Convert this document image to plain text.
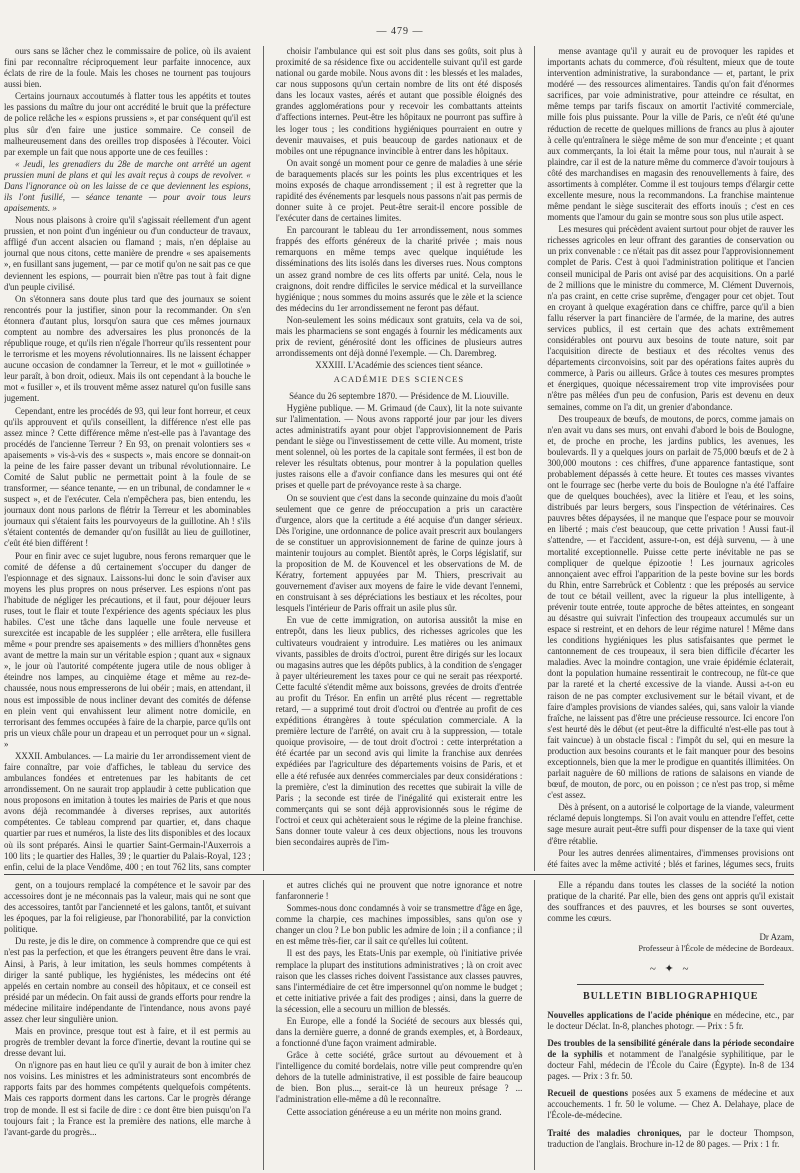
— 479 —

ours sans se lâcher chez le commissaire de police, où ils avaient fini par reconnaître réciproquement leur parfaite innocence, aux éclats de rire de la foule. Mais les choses ne tournent pas toujours aussi bien.

Certains journaux accoutumés à flatter tous les appétits et toutes les passions du maître du jour ont accrédité le bruit que la préfecture de police relâche les « espions prussiens », et par conséquent qu'il est plus sûr d'en faire une justice sommaire. Ce conseil de malheureusement dans des oreilles trop disposées à l'écouter. Voici par exemple un fait que nous apporte une de ces feuilles :

« Jeudi, les grenadiers du 28e de marche ont arrêté un agent prussien muni de plans et qui les avait reçus à coups de revolver. « Dans l'ignorance où on les laisse de ce que deviennent les espions, ils l'ont fusillé, — séance tenante — pour avoir tous leurs apaisements. »

Nous nous plaisons à croire qu'il s'agissait réellement d'un agent prussien, et non point d'un ingénieur ou d'un conducteur de travaux, affligé d'un accent alsacien ou flamand ; mais, n'en déplaise au journal que nous citons, cette manière de prendre « ses apaisements », en fusillant sans jugement, — par ce motif qu'on ne sait pas ce que deviennent les espions, — pourrait bien n'être pas tout à fait digne d'un peuple civilisé.

On s'étonnera sans doute plus tard que des journaux se soient rencontrés pour la justifier, sinon pour la recommander. On s'en étonnera d'autant plus, lorsqu'on saura que ces mêmes journaux comptent au nombre des adversaires les plus prononcés de la république rouge, et qu'ils rien n'égale l'horreur qu'ils ressentent pour le terrorisme et les moyens révolutionnaires. Ils ne laissent échapper aucune occasion de condamner la Terreur, et le mot « guillotinée » leur paraît, à bon droit, odieux. Mais ils ont cependant à la bouche le mot « fusiller », et ils trouvent même assez naturel qu'on fusille sans jugement.

Cependant, entre les procédés de 93, qui leur font horreur, et ceux qu'ils approuvent et qu'ils conseillent, la différence n'est elle pas assez mince ? Cette différence même n'est-elle pas à l'avantage des procédés de l'ancienne Terreur ? En 93, on prenait volontiers ses « apaisements » vis-à-vis des « suspects », mais encore se donnait-on la peine de les faire passer devant un tribunal révolutionnaire. Le Comité de Salut public ne permettait point à la foule de se transformer, — séance tenante, — en un tribunal, de condamner le « suspect », et de l'exécuter. Cela n'empêchera pas, bien entendu, les journaux dont nous parlons de flétrir la Terreur et les abominables journaux qui s'étaient faits les pourvoyeurs de la guillotine. Ah ! s'ils s'étaient contentés de demander qu'on fusillât au lieu de guillotiner, c'eût été bien différent !

Pour en finir avec ce sujet lugubre, nous ferons remarquer que le comité de défense a dû certainement s'occuper du danger de l'espionnage et des signaux. Laissons-lui donc le soin d'aviser aux moyens les plus propres on nous préserver. Les espions n'ont pas l'habitude de négliger les précautions, et il faut, pour déjouer leurs ruses, tout le flair et toute l'expérience des agents spéciaux les plus habiles. C'est une tâche dans laquelle une foule nerveuse et surexcitée est incapable de les suppléer ; elle arrêtera, elle fusillera même « pour prendre ses apaisements » des milliers d'honnêtes gens avant de mettre la main sur un véritable espion ; quant aux « signaux », le jour où l'autorité compétente jugera utile de nous obliger à éteindre nos lampes, au cinquième étage et même au rez-de-chaussée, nous nous empresserons de lui obéir ; mais, en attendant, il nous est impossible de nous incliner devant des comités de défense en plein vent qui envahissent leur aliment notre domicile, en terrorisant des femmes occupées à faire de la charpie, parce qu'ils ont pris un vieux châle pour un drapeau et un perroquet pour un « signal. »

XXXII. Ambulances. — La mairie du 1er arrondissement vient de faire connaître, par voie d'affiches, le tableau du service des ambulances fondées et entretenues par les habitants de cet arrondissement. On ne saurait trop applaudir à cette publication que nous proposons en imitation à toutes les mairies de Paris et que nous avons déjà recommandée à diverses reprises, aux autorités compétentes. Ce tableau comprend par quartier, et, dans chaque quartier par rues et numéros, la liste des lits disponibles et des locaux où ils sont préparés. Ainsi le quartier Saint-Germain-l'Auxerrois a 100 lits ; le quartier des Halles, 39 ; le quartier du Palais-Royal, 123 ; enfin, celui de la place Vendôme, 400 ; en tout 762 lits, sans compter

choisir l'ambulance qui est soit plus dans ses goûts, soit plus à proximité de sa résidence fixe ou accidentelle suivant qu'il est garde national ou garde mobile. Nous avons dit : les blessés et les malades, car nous supposons qu'un certain nombre de lits ont été disposés dans les locaux vastes, aérés et autant que possible éloignés des grandes agglomérations pour y recevoir les combattants atteints d'affections internes. Peut-être les hôpitaux ne pourront pas suffire à les loger tous ; les conditions hygiéniques pourraient en outre y devenir mauvaises, et puis beaucoup de gardes nationaux et de mobiles ont une répugnance invincible à entrer dans les hôpitaux.

On avait songé un moment pour ce genre de maladies à une série de baraquements placés sur les points les plus excentriques et les moins exposés de chaque arrondissement ; il est à regretter que la rapidité des événements par lesquels nous passons n'ait pas permis de donner suite à ce projet. Peut-être serait-il encore possible de l'exécuter dans de certaines limites.

En parcourant le tableau du 1er arrondissement, nous sommes frappés des efforts généreux de la charité privée ; mais nous remarquons en même temps avec quelque inquiétude les disséminations des lits isolés dans les diverses rues. Nous comptons un assez grand nombre de ces lits offerts par unité. Cela, nous le craignons, doit rendre difficiles le service médical et la surveillance hygiénique ; nous sommes du moins assurés que le zèle et la science des médecins du 1er arrondissement ne feront pas défaut.

Non-seulement les soins médicaux sont gratuits, cela va de soi, mais les pharmaciens se sont engagés à fournir les médicaments aux prix de revient, générosité dont les officines de plusieurs autres arrondissements ont déjà donné l'exemple. — Ch. Darembreg.

XXXIII. L'Académie des sciences tient séance.

ACADÉMIE DES SCIENCES

Séance du 26 septembre 1870. — Présidence de M. Liouville.

Hygiène publique. — M. Grimaud (de Caux), lit la note suivante sur l'alimentation. — Nous avons rapporté jour par jour les divers actes administratifs ayant pour objet l'approvisionnement de Paris pendant le siège ou l'investissement de cette ville. Au moment, triste ment solennel, où les portes de la capitale sont fermées, il est bon de relever les résultats obtenus, pour montrer à la population quelles justes raisons elle a d'avoir confiance dans les mesures qui ont été prises et quelle part de prévoyance reste à sa charge.

On se souvient que c'est dans la seconde quinzaine du mois d'août seulement que ce genre de préoccupation a pris un caractère d'urgence, alors que la certitude a été acquise d'un danger sérieux. Dès l'origine, une ordonnance de police avait prescrit aux boulangers de se constituer un approvisionnement de farine de quinze jours à maintenir toujours au complet. Bientôt après, le Corps législatif, sur la proposition de M. de Kouvencel et les observations de M. de Kératry, fortement appuyées par M. Thiers, prescrivait au gouvernement d'aviser aux moyens de faire le vide devant l'ennemi, en construisant à ses dépréciations les bestiaux et les récoltes, pour lesquels l'intérieur de Paris offrait un asile plus sûr.

En vue de cette immigration, on autorisa aussitôt la mise en entrepôt, dans les lieux publics, des richesses agricoles que les cultivateurs voudraient y introduire. Les matières ou les animaux vivants, passibles de droits d'octroi, purent être dirigés sur les locaux ou magasins autres que les dépôts publics, à la condition de s'engager à payer ultérieurement les taxes pour ce qui ne serait pas réexporté. Cette faculté s'étendit même aux boissons, grevées de droits d'entrée au profit du Trésor. En enfin un arrêté plus récent — regrettable retard, — a supprimé tout droit d'octroi ou d'entrée au profit de ces expéditions étrangères à toute spéculation commerciale. A la première lecture de l'arrêté, on avait cru à la suppression, — totale quoique provisoire, — de tout droit d'octroi : cette interprétation a été écartée par un second avis qui limite la franchise aux denrées expédiées par l'agriculture des départements voisins de Paris, et et elle a été refusée aux denrées commerciales par deux considérations : la première, c'est la diminution des recettes que subirait la ville de Paris ; la seconde est tirée de l'inégalité qui existerait entre les commerçants qui se sont déjà approvisionnés sous le régime de l'octroi et ceux qui achèteraient sous le régime de la pleine franchise. Sans donner toute valeur à ces deux objections, nous les trouvons bien secondaires auprès de l'im-

mense avantage qu'il y aurait eu de provoquer les rapides et importants achats du commerce, d'où résultent, mieux que de toute intervention administrative, la surabondance — et, partant, le prix modéré — des ressources alimentaires. Tandis qu'on fait d'énormes sacrifices, par voie administrative, pour atteindre ce résultat, en même temps par tarifs fiscaux on amortit l'activité commerciale, mille fois plus puissante. Pour la ville de Paris, ce n'eût été qu'une réduction de recette de quelques millions de francs au plus à ajouter à celle qu'entraînera le siège même de son mur d'enceinte ; et quant aux commerçants, la loi était la même pour tous, nul n'aurait à se plaindre, car il est de la nature même du commerce d'avoir toujours à côté des marchandises en magasin des renouvellements à faire, des assortiments à compléter. Comme il est toujours temps d'élargir cette excellente mesure, nous la recommandons. La franchise maintenue même pendant le siège susciterait des efforts inouïs ; c'est en ces moments que l'amour du gain se montre sous son plus utile aspect.

Les mesures qui précèdent avaient surtout pour objet de rauver les richesses agricoles en leur offrant des garanties de conservation ou un prix convenable : ce n'était pas dit assez pour l'approvisionnement complet de Paris. C'est à quoi l'administration politique et l'ancien conseil municipal de Paris ont avisé par des acquisitions. On a parlé de 2 millions que le ministre du commerce, M. Clément Duvernois, n'a pas craint, en cette crise suprême, d'engager pour cet objet. Tout en croyant à quelque exagération dans ce chiffre, parce qu'il a bien fallu réserver la part financière de l'armée, de la marine, des autres services publics, il est certain que des achats extrêmement considérables ont pourvu aux besoins de toute nature, soit par l'acquisition directe de bestiaux et des récoltes venus des départements circonvoisins, soit par des opérations faites auprès du commerce, à Paris ou ailleurs. Grâce à toutes ces mesures promptes et énergiques, quoique nécessairement trop vite improvisées pour n'être pas mêlées d'un peu de confusion, Paris est devenu en deux semaines, comme on l'a dit, un grenier d'abondance.

Des troupeaux de bœufs, de moutons, de porcs, comme jamais on n'en avait vu dans ses murs, ont envahi d'abord le bois de Boulogne, et, de proche en proche, les jardins publics, les avenues, les boulevards. Il y a quelques jours on parlait de 75,000 bœufs et de 2 à 300,000 moutons : ces chiffres, d'une apparence fantastique, sont probablement dépassés à cette heure. Et toutes ces masses vivantes ont le fourrage sec (herbe verte du bois de Boulogne n'a été l'affaire que de quelques bouchées), avec la litière et l'eau, et les soins, distribués par leurs bergers, sous l'inspection de vétérinaires. Ces pauvres bêtes dépaysées, il ne manque que l'espace pour se mouvoir en liberté ; mais c'est beaucoup, que cette privation ! Aussi faut-il s'attendre, — et l'accident, assure-t-on, est déjà survenu, — à une mortalité exceptionnelle. Puisse cette perte inévitable ne pas se compliquer de quelque épizootie ! Les journaux agricoles annonçaient avec effroi l'apparition de la peste bovine sur les bords du Rhin, entre Sarrebrück et Coblentz : que les préposés au service de tout ce bétail veillent, avec la rigueur la plus intelligente, à prévenir toute entrée, toute approche de bêtes atteintes, en songeant au désastre qui suivrait l'infection des troupeaux accumulés sur un espace si restreint, et en dehors de leur régime naturel ! Même dans les conditions hygiéniques les plus satisfaisantes que permet le cantonnement de ces troupeaux, il sera bien difficile d'écarter les maladies. Avec la moindre contagion, une vraie épidémie éclaterait, dont la population humaine ressentirait le contrecoup, ne fût-ce que par la rareté et la cherté excessive de la viande. Aussi a-t-on eu raison de ne pas compter exclusivement sur le bétail vivant, et de faire d'amples provisions de viandes salées, qui, sans valoir la viande fraîche, ne laissent pas d'être une précieuse ressource. Ici encore l'on s'est heurté dès le début (et peut-être la difficulté n'est-elle pas tout à fait vaincue) à un obstacle fiscal : l'impôt du sel, qui en mesure la production aux besoins courants et le fait manquer pour des besoins exceptionnels, bien que la mer le prodigue en quantités illimitées. On parlait naguère de 60 millions de rations de salaisons en viande de bœuf, de mouton, de porc, ou en poisson ; ce n'est pas trop, si même c'est assez.

Dès à présent, on a autorisé le colportage de la viande, valeurment réclamé depuis longtemps. Si l'on avait voulu en attendre l'effet, cette sage mesure aurait peut-être suffi pour dispenser de la taxe qui vient d'être rétablie.

Pour les autres denrées alimentaires, d'immenses provisions ont été faites avec la même activité ; blés et farines, légumes secs, fruits

gent, on a toujours remplacé la compétence et le savoir par des accessoires dont je ne méconnais pas la valeur, mais qui ne sont que des accessoires, tantôt par l'ancienneté et les galons, tantôt, et suivant les époques, par la foi religieuse, par l'honorabilité, par la conviction politique.

Du reste, je dis le dire, on commence à comprendre que ce qui est n'est pas la perfection, et que les étrangers peuvent être dans le vrai. Ainsi, à Paris, à leur imitation, les seuls hommes compétents à diriger la santé publique, les hygiénistes, les médecins ont été appelés en certain nombre au conseil des hôpitaux, et ce conseil est présidé par un médecin. On fait aussi de grands efforts pour rendre la médecine militaire indépendante de l'intendance, nous avons payé assez cher leur singulière union.

Mais en province, presque tout est à faire, et il est permis au progrès de trembler devant la force d'inertie, devant la routine qui se dresse devant lui.

On n'ignore pas en haut lieu ce qu'il y aurait de bon à imiter chez nos voisins. Les ministres et les administrateurs sont encombrés de rapports faits par des hommes compétents quelquefois compétents. Mais ces rapports dorment dans les cartons. Car le progrès dérange trop de monde. Il est si facile de dire : ce dont être bien puisqu'on l'a toujours fait ; la France est la première des nations, elle marche à l'avant-garde du progrès...

et autres clichés qui ne prouvent que notre ignorance et notre fanfaronnerie !

Sommes-nous donc condamnés à voir se transmettre d'âge en âge, comme la charpie, ces machines impossibles, sans qu'on ose y changer un clou ? Le bon public les admire de loin ; il a confiance ; il en est même très-fier, car il sait ce qu'elles lui coûtent.

Il est des pays, les Etats-Unis par exemple, où l'initiative privée remplace la plupart des institutions administratives ; là on croit avec raison que les classes riches doivent l'assistance aux classes pauvres, sans l'intermédiaire de cet être impersonnel qu'on nomme le budget ; et cette initiative privée a fait des prodiges ; ainsi, dans la guerre de la sécession, elle a secouru un million de blessés.

En Europe, elle a fondé la Société de secours aux blessés qui, dans la dernière guerre, a donné de grands exemples, et, à Bordeaux, a fonctionné d'une façon vraiment admirable.

Grâce à cette société, grâce surtout au dévouement et à l'intelligence du comité bordelais, notre ville peut comprendre qu'en dehors de la tutelle administrative, il est possible de faire beaucoup de bien. Bon plus..., serait-ce là un heureux présage ? ... l'administration elle-même a dû le reconnaître.

Cette association généreuse a eu un mérite non moins grand.

Elle a répandu dans toutes les classes de la société la notion pratique de la charité. Par elle, bien des gens ont appris qu'il existait des souffrances et des pauvres, et les bourses se sont ouvertes, comme les cœurs.

Dr Azam,

Professeur à l'École de médecine de Bordeaux.

~ ✦ ~

BULLETIN BIBLIOGRAPHIQUE

Nouvelles applications de l'acide phénique en médecine, etc., par le docteur Déclat. In-8, planches photogr. — Prix : 5 fr.

Des troubles de la sensibilité générale dans la période secondaire de la syphilis et notamment de l'analgésie syphilitique, par le docteur Fahl, médecin de l'École du Caire (Égypte). In-8 de 134 pages. — Prix : 3 fr. 50.

Recueil de questions posées aux 5 examens de médecine et aux accouchements. 1 fr. 50 le volume. — Chez A. Delahaye, place de l'École-de-médecine.

Traité des maladies chroniques, par le docteur Thompson, traduction de l'anglais. Brochure in-12 de 80 pages. — Prix : 1 fr.
